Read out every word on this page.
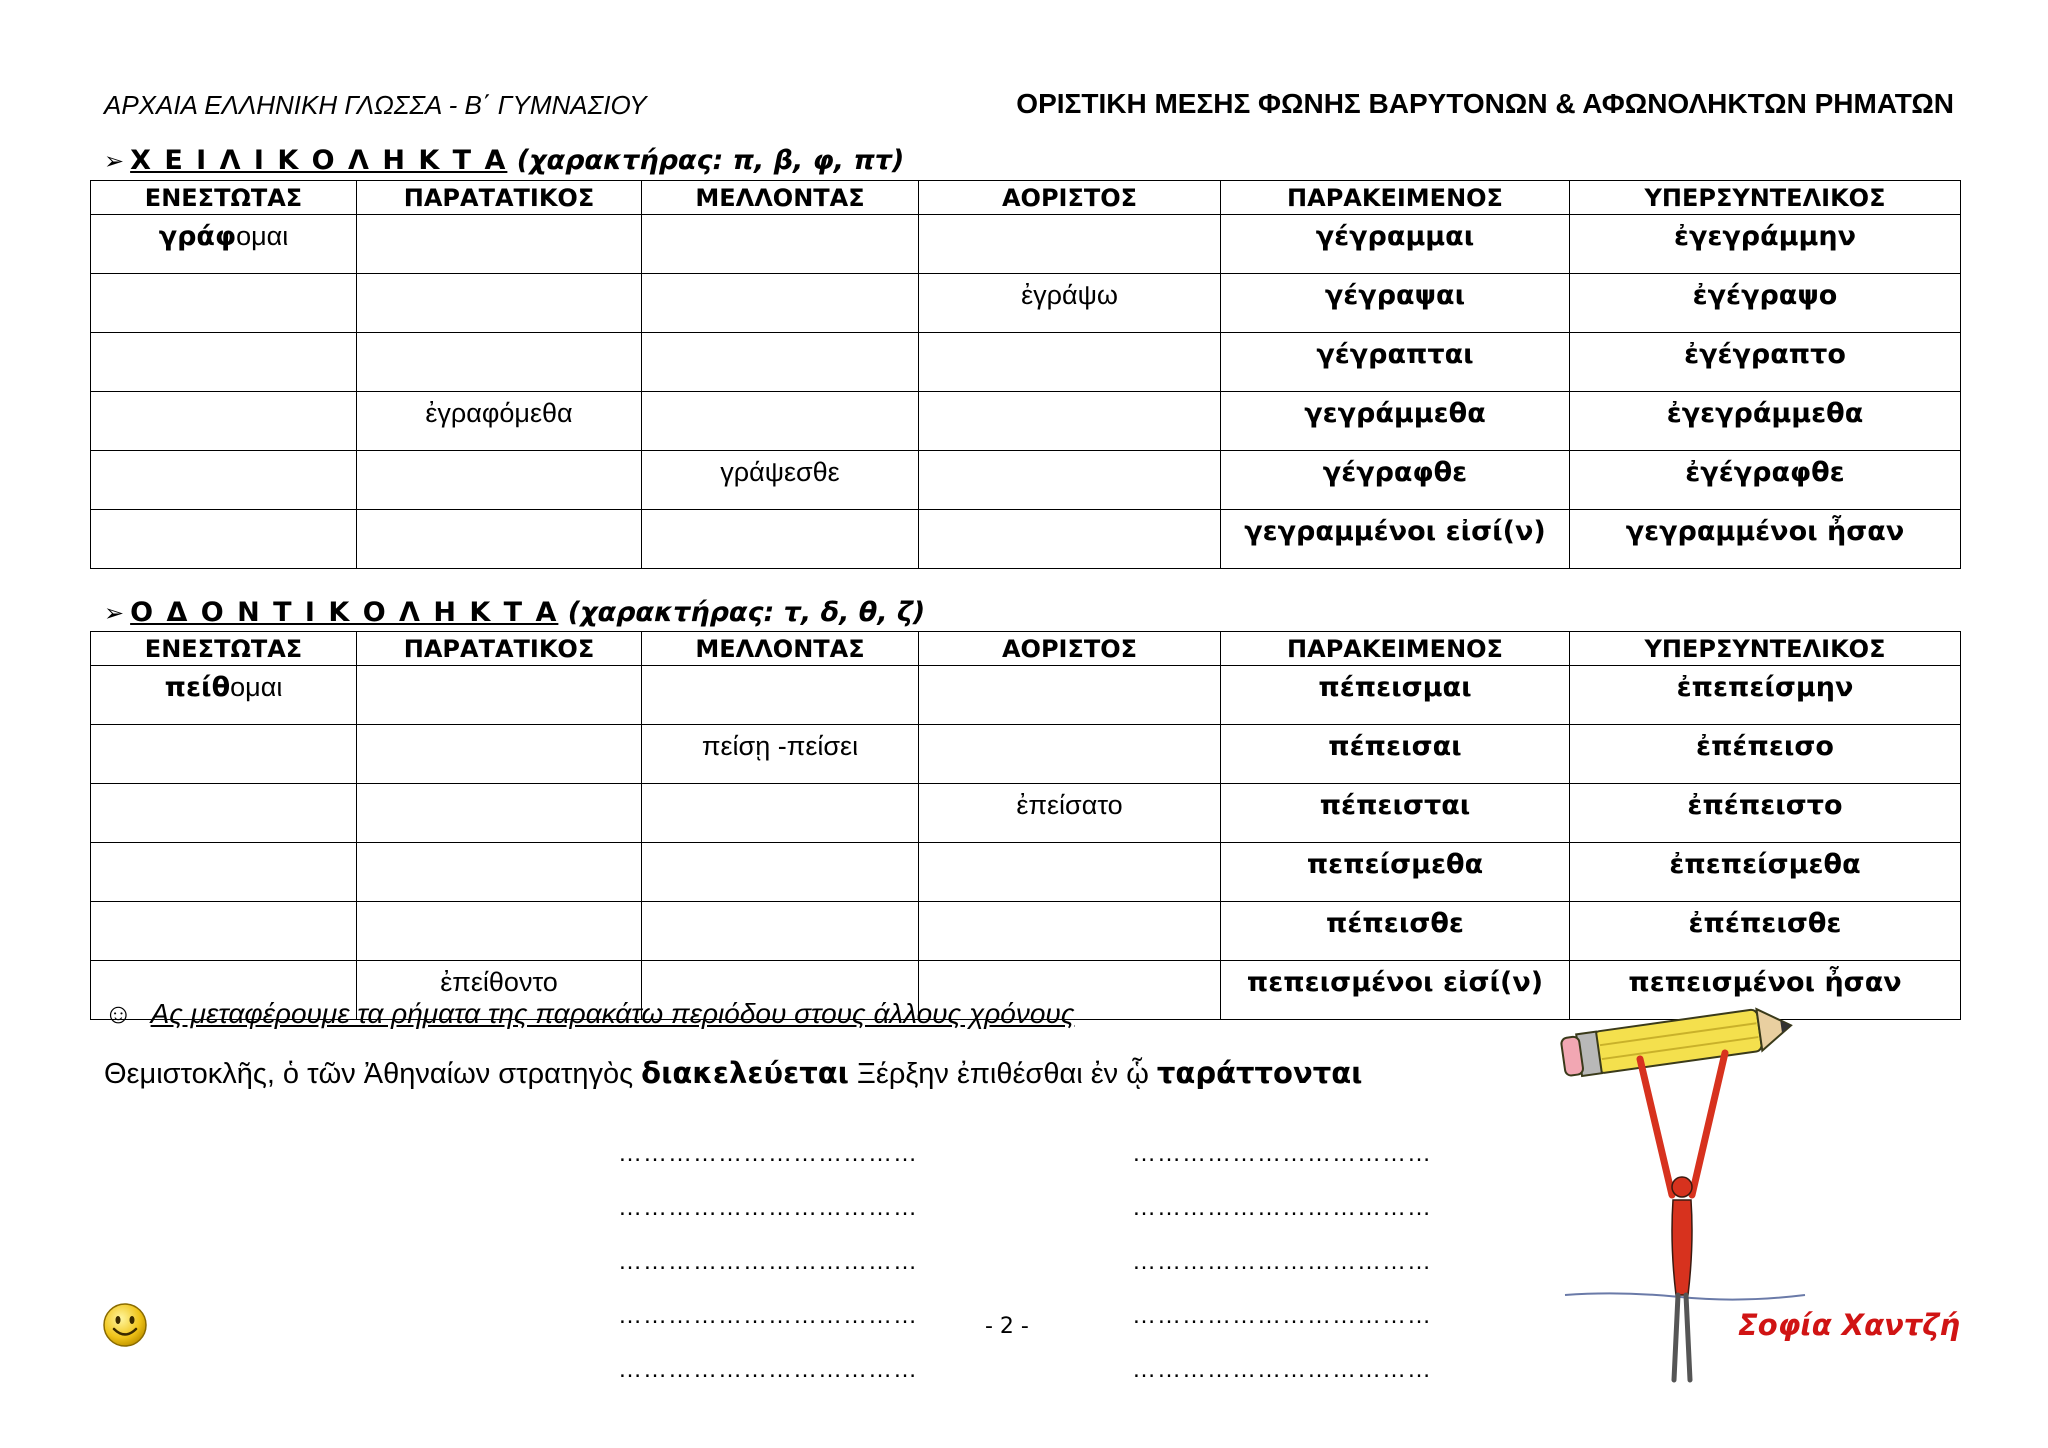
ΑΡΧΑΙΑ ΕΛΛΗΝΙΚΗ ΓΛΩΣΣΑ - Β΄ ΓΥΜΝΑΣΙΟΥ	ΟΡΙΣΤΙΚΗ ΜΕΣΗΣ ΦΩΝΗΣ ΒΑΡΥΤΟΝΩΝ & ΑΦΩΝΟΛΗΚΤΩΝ ΡΗΜΑΤΩΝ
➢ Χ Ε Ι Λ Ι Κ Ο Λ Η Κ Τ Α (χαρακτήρας: π, β, φ, πτ)
ΕΝΕΣΤΩΤΑΣ	ΠΑΡΑΤΑΤΙΚΟΣ	ΜΕΛΛΟΝΤΑΣ	ΑΟΡΙΣΤΟΣ	ΠΑΡΑΚΕΙΜΕΝΟΣ	ΥΠΕΡΣΥΝΤΕΛΙΚΟΣ
γράφομαι				γέγραμμαι	ἐγεγράμμην
			ἐγράψω	γέγραψαι	ἐγέγραψο
				γέγραπται	ἐγέγραπτο
	ἐγραφόμεθα			γεγράμμεθα	ἐγεγράμμεθα
		γράψεσθε		γέγραφθε	ἐγέγραφθε
				γεγραμμένοι εἰσί(ν)	γεγραμμένοι ἦσαν
➢ Ο Δ Ο Ν Τ Ι Κ Ο Λ Η Κ Τ Α (χαρακτήρας: τ, δ, θ, ζ)
ΕΝΕΣΤΩΤΑΣ	ΠΑΡΑΤΑΤΙΚΟΣ	ΜΕΛΛΟΝΤΑΣ	ΑΟΡΙΣΤΟΣ	ΠΑΡΑΚΕΙΜΕΝΟΣ	ΥΠΕΡΣΥΝΤΕΛΙΚΟΣ
πείθομαι				πέπεισμαι	ἐπεπείσμην
		πείσῃ -πείσει		πέπεισαι	ἐπέπεισο
			ἐπείσατο	πέπεισται	ἐπέπειστο
				πεπείσμεθα	ἐπεπείσμεθα
				πέπεισθε	ἐπέπεισθε
	ἐπείθοντο			πεπεισμένοι εἰσί(ν)	πεπεισμένοι ἦσαν
☺ Ας μεταφέρουμε τα ρήματα της παρακάτω περιόδου στους άλλους χρόνους
Θεμιστοκλῆς, ὁ τῶν Ἀθηναίων στρατηγὸς διακελεύεται Ξέρξην ἐπιθέσθαι ἐν ᾧ ταράττονται
………………………………
………………………………
………………………………
………………………………
………………………………
………………………………
………………………………
………………………………
………………………………
………………………………
- 2 -	Σοφία Χαντζή
